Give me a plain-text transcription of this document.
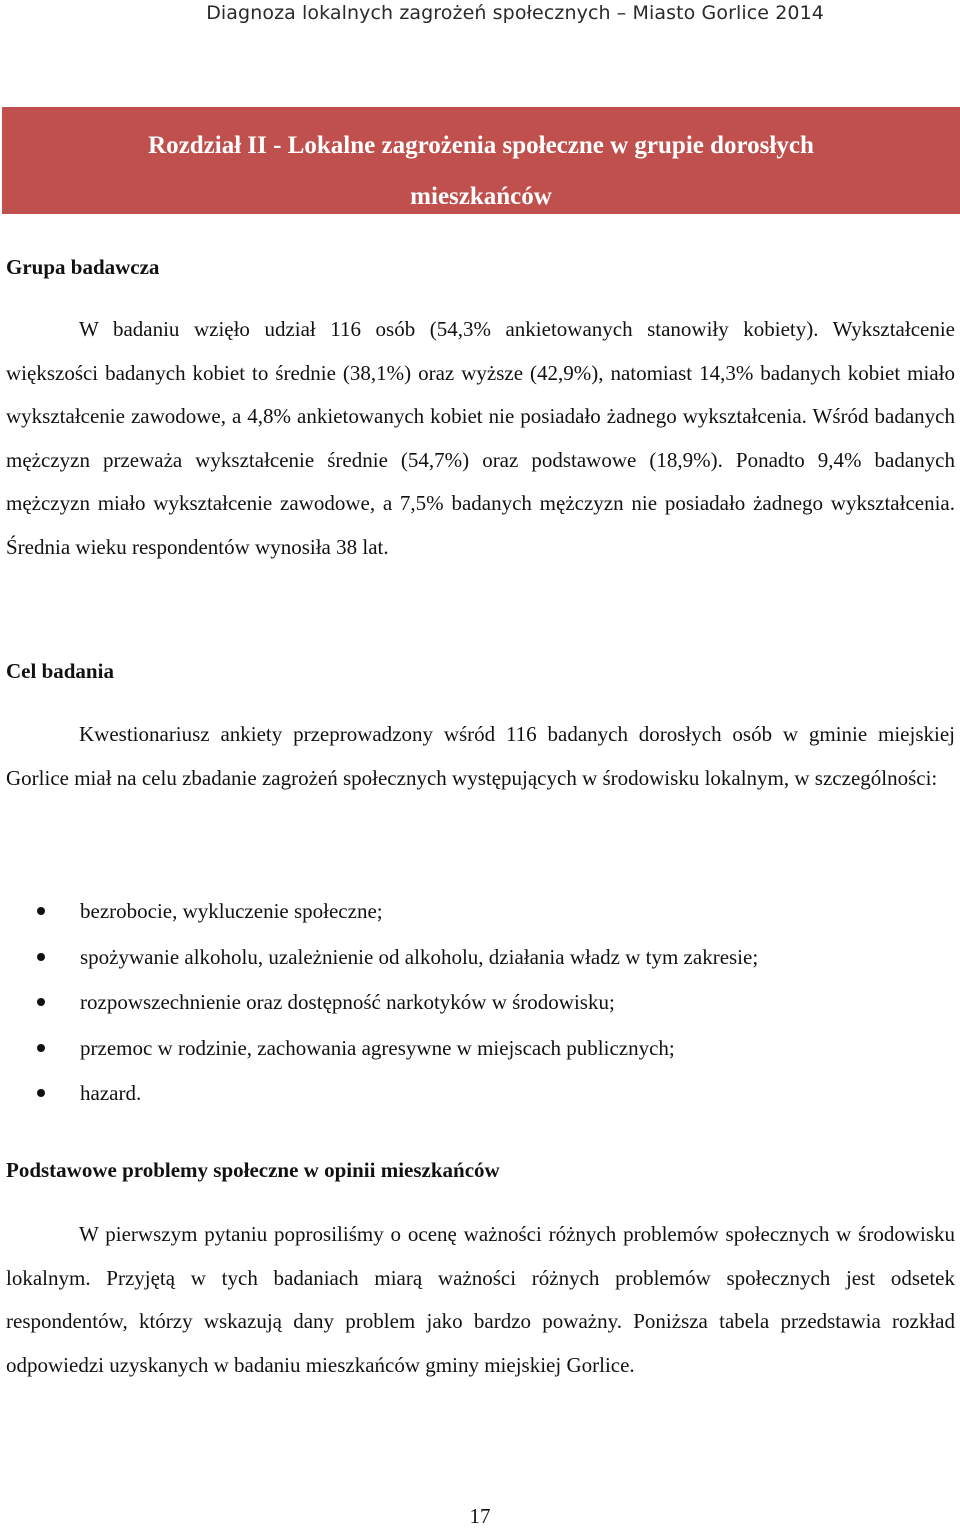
Diagnoza lokalnych zagrożeń społecznych – Miasto Gorlice 2014
Rozdział II - Lokalne zagrożenia społeczne w grupie dorosłych
mieszkańców
Grupa badawcza

W badaniu wzięło udział 116 osób (54,3% ankietowanych stanowiły kobiety). Wykształcenie większości badanych kobiet to średnie (38,1%) oraz wyższe (42,9%), natomiast 14,3% badanych kobiet miało wykształcenie zawodowe, a 4,8% ankietowanych kobiet nie posiadało żadnego wykształcenia. Wśród badanych mężczyzn przeważa wykształcenie średnie (54,7%) oraz podstawowe (18,9%). Ponadto 9,4% badanych mężczyzn miało wykształcenie zawodowe, a 7,5% badanych mężczyzn nie posiadało żadnego wykształcenia. Średnia wieku respondentów wynosiła 38 lat.

Cel badania

Kwestionariusz ankiety przeprowadzony wśród 116 badanych dorosłych osób w gminie miejskiej Gorlice miał na celu zbadanie zagrożeń społecznych występujących w środowisku lokalnym, w szczególności:

bezrobocie, wykluczenie społeczne;
spożywanie alkoholu, uzależnienie od alkoholu, działania władz w tym zakresie;
rozpowszechnienie oraz dostępność narkotyków w środowisku;
przemoc w rodzinie, zachowania agresywne w miejscach publicznych;
hazard.
Podstawowe problemy społeczne w opinii mieszkańców

W pierwszym pytaniu poprosiliśmy o ocenę ważności różnych problemów społecznych w środowisku lokalnym. Przyjętą w tych badaniach miarą ważności różnych problemów społecznych jest odsetek respondentów, którzy wskazują dany problem jako bardzo poważny. Poniższa tabela przedstawia rozkład odpowiedzi uzyskanych w badaniu mieszkańców gminy miejskiej Gorlice.

17
